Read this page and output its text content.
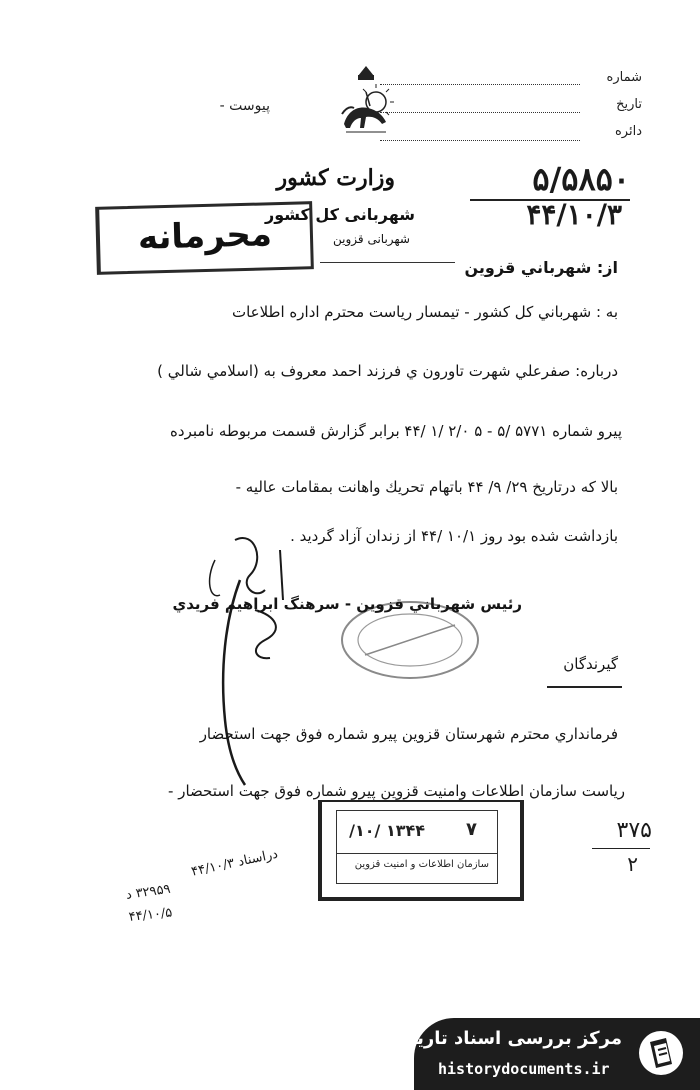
پیوست -
شماره
تاریخ
دائره
۵/۵۸۵۰
۴۴/۱۰/۳
وزارت کشور
شهربانی کل کشور
شهربانی قزوین
محرمانه
از: شهرباني قزوين
به : شهرباني كل كشور - تيمسار رياست محترم اداره اطلاعات
درباره: صفرعلي شهرت تاورون ي فرزند احمد معروف به (اسلامي شالي )
پيرو شماره ۵٧٧١ /۵ - ۵ ٢/٠ /١ /۴۴ برابر گزارش قسمت مربوطه نامبرده
بالا که درتاريخ ٢٩/ ٩/ ۴۴ باتهام تحريك واهانت بمقامات عاليه -
بازداشت شده بود روز ١٠/١ /۴۴ از زندان آزاد گرديد .
رئيس شهرباني قزوين - سرهنگ ابراهيم فريدي
گيرندگان
فرمانداري محترم شهرستان قزوين پيرو شماره فوق جهت استحضار
رياست سازمان اطلاعات وامنيت قزوين پيرو شماره فوق جهت استحضار -
٧
١٣۴۴ /١٠/
سازمان اطلاعات و امنیت قزوین
۳۷۵
۲
دراسناد ۴۴/۱۰/۳
۳۲۹۵۹ د
۴۴/۱۰/۵
مرکز بررسی اسناد تاریخی
historydocuments.ir
